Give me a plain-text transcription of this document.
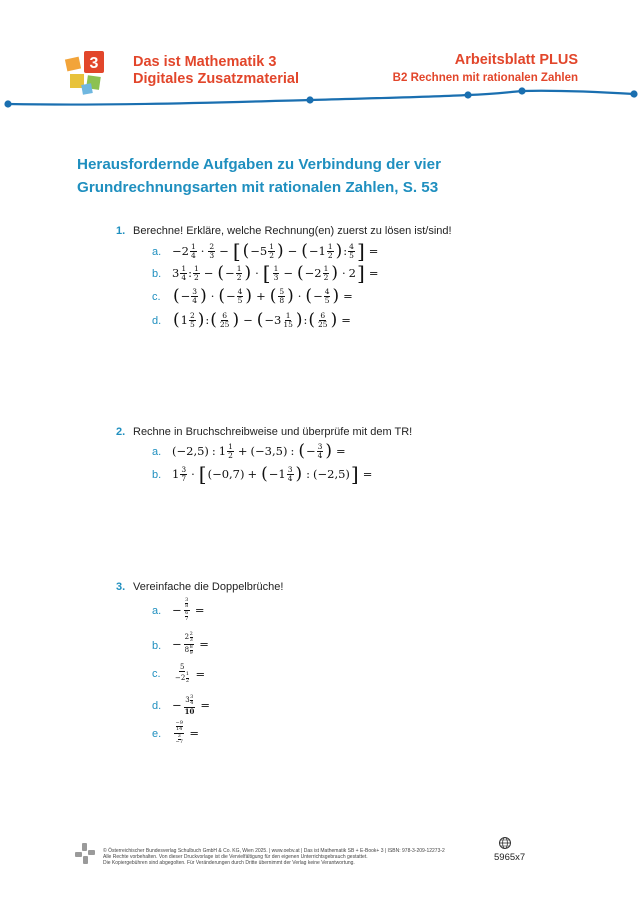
3 Das ist Mathematik 3
Digitales Zusatzmaterial
Arbeitsblatt PLUS
B2 Rechnen mit rationalen Zahlen
Herausfordernde Aufgaben zu Verbindung der vier
Grundrechnungsarten mit rationalen Zahlen, S. 53
1. Berechne! Erkläre, welche Rechnung(en) zuerst zu lösen ist/sind!
a. −2 1
4 · 2
3 − [ ( −5 1
2 ) − ( −1 1
2 ) : 4
5 ] =
b. 3 1
4 : 1
2 − ( − 1
2 ) · [ 1
3 − ( −2 1
2 ) · 2 ] =
c. ( − 3
4 ) · ( − 4
5 ) + ( 5
8 ) · ( − 4
5 ) =
d. ( 1 2
5 ) : ( 6
25 ) − ( −3 1
15 ) : ( 6
25 ) =
2. Rechne in Bruchschreibweise und überprüfe mit dem TR!
a. (−2,5) : 1 1
2 + (−3,5) : ( − 3
4 ) =
b. 1 3
7 · [ (−0,7) + ( −1 3
4 ) : (−2,5) ] =
3. Vereinfache die Doppelbrüche!
a. − 3
8
6
7 =
b. − 2 2
3
8 8
9 =
c. 5
−2 1
2 =
d. − 3 3
4
10 =
e.	−9
14
3
−7 =
© Österreichischer Bundesverlag Schulbuch GmbH & Co. KG, Wien 2025. | www.oebv.at | Das ist Mathematik SB + E-Book+ 3 | ISBN: 978-3-209-12273-2
Alle Rechte vorbehalten. Von dieser Druckvorlage ist die Vervielfältigung für den eigenen Unterrichtsgebrauch gestattet.
Die Kopiergebühren sind abgegolten. Für Veränderungen durch Dritte übernimmt der Verlag keine Verantwortung.
5965x7
